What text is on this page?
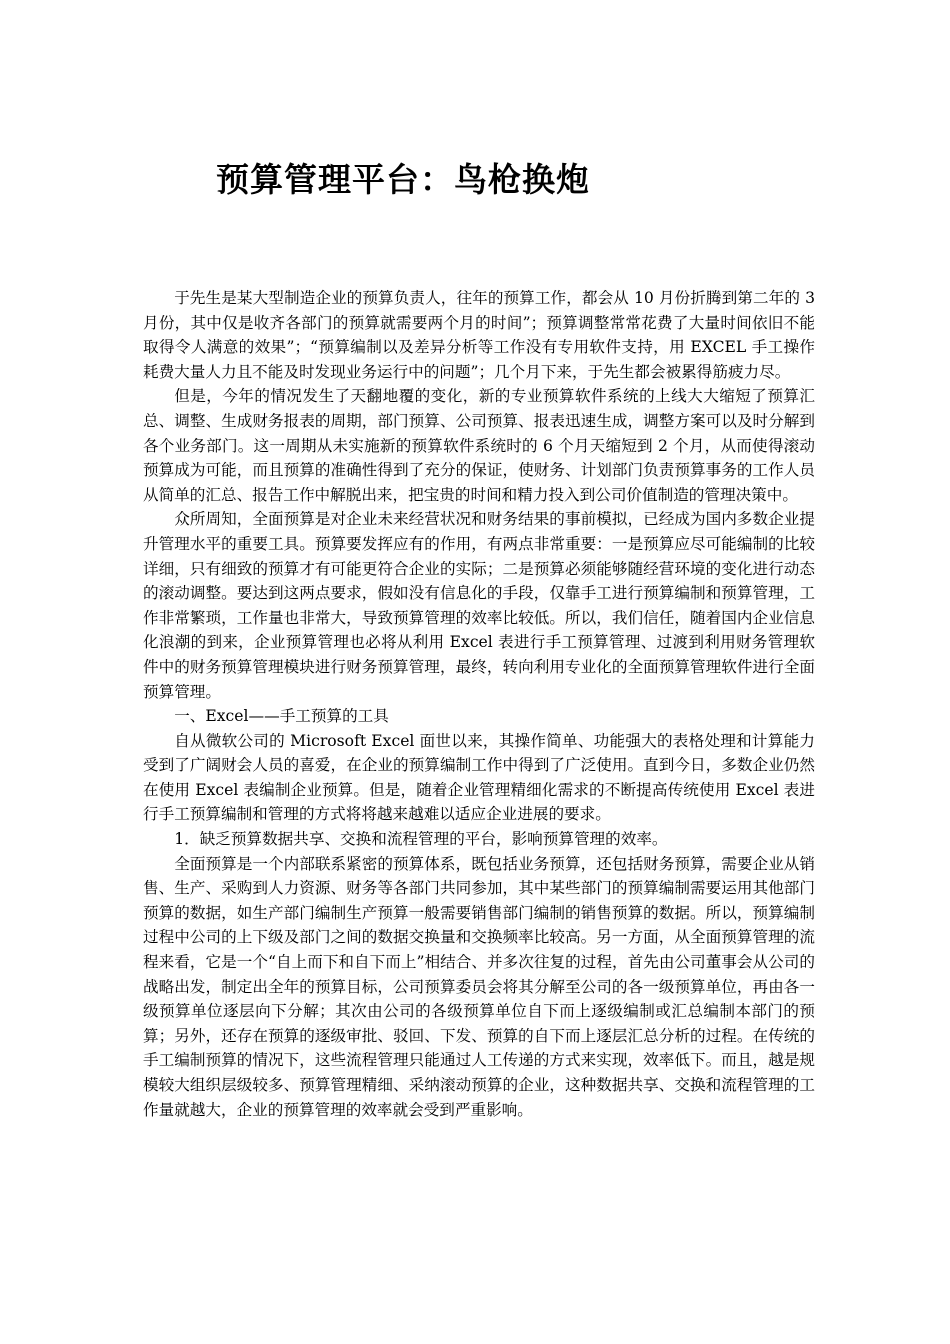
预算管理平台：鸟枪换炮

于先生是某大型制造企业的预算负责人，往年的预算工作，都会从 10 月份折腾到第二年的 3 月份，其中仅是收齐各部门的预算就需要两个月的时间”；预算调整常常花费了大量时间依旧不能取得令人满意的效果”；“预算编制以及差异分析等工作没有专用软件支持，用 EXCEL 手工操作耗费大量人力且不能及时发现业务运行中的问题”；几个月下来，于先生都会被累得筋疲力尽。

但是，今年的情况发生了天翻地覆的变化，新的专业预算软件系统的上线大大缩短了预算汇总、调整、生成财务报表的周期，部门预算、公司预算、报表迅速生成，调整方案可以及时分解到各个业务部门。这一周期从未实施新的预算软件系统时的 6 个月天缩短到 2 个月，从而使得滚动预算成为可能，而且预算的准确性得到了充分的保证，使财务、计划部门负责预算事务的工作人员从简单的汇总、报告工作中解脱出来，把宝贵的时间和精力投入到公司价值制造的管理决策中。

众所周知，全面预算是对企业未来经营状况和财务结果的事前模拟，已经成为国内多数企业提升管理水平的重要工具。预算要发挥应有的作用，有两点非常重要：一是预算应尽可能编制的比较详细，只有细致的预算才有可能更符合企业的实际；二是预算必须能够随经营环境的变化进行动态的滚动调整。要达到这两点要求，假如没有信息化的手段，仅靠手工进行预算编制和预算管理，工作非常繁琐，工作量也非常大，导致预算管理的效率比较低。所以，我们信任，随着国内企业信息化浪潮的到来，企业预算管理也必将从利用 Excel 表进行手工预算管理、过渡到利用财务管理软件中的财务预算管理模块进行财务预算管理，最终，转向利用专业化的全面预算管理软件进行全面预算管理。

一、Excel——手工预算的工具

自从微软公司的 Microsoft Excel 面世以来，其操作简单、功能强大的表格处理和计算能力受到了广阔财会人员的喜爱，在企业的预算编制工作中得到了广泛使用。直到今日，多数企业仍然在使用 Excel 表编制企业预算。但是，随着企业管理精细化需求的不断提高传统使用 Excel 表进行手工预算编制和管理的方式将将越来越难以适应企业进展的要求。

1．缺乏预算数据共享、交换和流程管理的平台，影响预算管理的效率。

全面预算是一个内部联系紧密的预算体系，既包括业务预算，还包括财务预算，需要企业从销售、生产、采购到人力资源、财务等各部门共同参加，其中某些部门的预算编制需要运用其他部门预算的数据，如生产部门编制生产预算一般需要销售部门编制的销售预算的数据。所以，预算编制过程中公司的上下级及部门之间的数据交换量和交换频率比较高。另一方面，从全面预算管理的流程来看，它是一个“自上而下和自下而上”相结合、并多次往复的过程，首先由公司董事会从公司的战略出发，制定出全年的预算目标，公司预算委员会将其分解至公司的各一级预算单位，再由各一级预算单位逐层向下分解；其次由公司的各级预算单位自下而上逐级编制或汇总编制本部门的预算；另外，还存在预算的逐级审批、驳回、下发、预算的自下而上逐层汇总分析的过程。在传统的手工编制预算的情况下，这些流程管理只能通过人工传递的方式来实现，效率低下。而且，越是规模较大组织层级较多、预算管理精细、采纳滚动预算的企业，这种数据共享、交换和流程管理的工作量就越大，企业的预算管理的效率就会受到严重影响。
